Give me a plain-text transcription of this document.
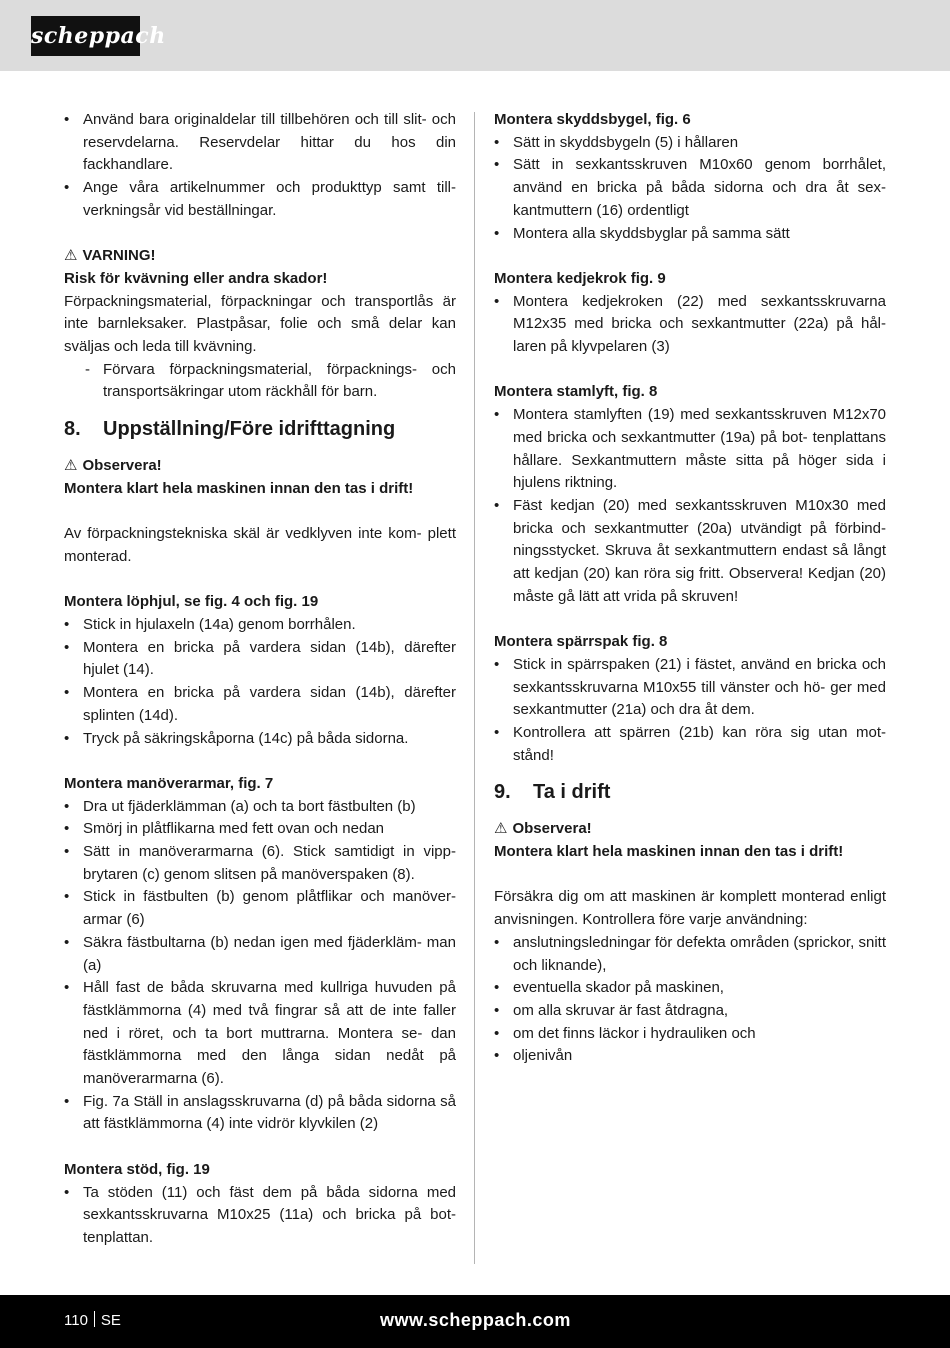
scheppach
• Använd bara originaldelar till tillbehören och till slit- och reservdelarna. Reservdelar hittar du hos din fackhandlare.
• Ange våra artikelnummer och produkttyp samt till- verkningsår vid beställningar.

⚠ VARNING!

Risk för kvävning eller andra skador!

Förpackningsmaterial, förpackningar och transportlås är inte barnleksaker. Plastpåsar, folie och små delar kan sväljas och leda till kvävning.

- Förvara förpackningsmaterial, förpacknings- och transportsäkringar utom räckhåll för barn.
8. Uppställning/Före idrifttagning

⚠ Observera!

Montera klart hela maskinen innan den tas i drift!

Av förpackningstekniska skäl är vedklyven inte kom- plett monterad.

Montera löphjul, se fig. 4 och fig. 19

• Stick in hjulaxeln (14a) genom borrhålen.
• Montera en bricka på vardera sidan (14b), därefter hjulet (14).
• Montera en bricka på vardera sidan (14b), därefter splinten (14d).
• Tryck på säkringskåporna (14c) på båda sidorna.

Montera manöverarmar, fig. 7

• Dra ut fjäderklämman (a) och ta bort fästbulten (b)
• Smörj in plåtflikarna med fett ovan och nedan
• Sätt in manöverarmarna (6). Stick samtidigt in vipp- brytaren (c) genom slitsen på manöverspaken (8).
• Stick in fästbulten (b) genom plåtflikar och manöver- armar (6)
• Säkra fästbultarna (b) nedan igen med fjäderkläm- man (a)
• Håll fast de båda skruvarna med kullriga huvuden på fästklämmorna (4) med två fingrar så att de inte faller ned i röret, och ta bort muttrarna. Montera se- dan fästklämmorna med den långa sidan nedåt på manöverarmarna (6).
• Fig. 7a Ställ in anslagsskruvarna (d) på båda sidorna så att fästklämmorna (4) inte vidrör klyvkilen (2)

Montera stöd, fig. 19

• Ta stöden (11) och fäst dem på båda sidorna med sexkantsskruvarna M10x25 (11a) och bricka på bot- tenplattan.

Montera skyddsbygel, fig. 6

• Sätt in skyddsbygeln (5) i hållaren
• Sätt in sexkantsskruven M10x60 genom borrhålet, använd en bricka på båda sidorna och dra åt sex- kantmuttern (16) ordentligt
• Montera alla skyddsbyglar på samma sätt

Montera kedjekrok fig. 9

• Montera kedjekroken (22) med sexkantsskruvarna M12x35 med bricka och sexkantmutter (22a) på hål- laren på klyvpelaren (3)

Montera stamlyft, fig. 8

• Montera stamlyften (19) med sexkantsskruven M12x70 med bricka och sexkantmutter (19a) på bot- tenplattans hållare. Sexkantmuttern måste sitta på höger sida i hjulens riktning.
• Fäst kedjan (20) med sexkantsskruven M10x30 med bricka och sexkantmutter (20a) utvändigt på förbind- ningsstycket. Skruva åt sexkantmuttern endast så långt att kedjan (20) kan röra sig fritt. Observera! Kedjan (20) måste gå lätt att vrida på skruven!

Montera spärrspak fig. 8

• Stick in spärrspaken (21) i fästet, använd en bricka och sexkantsskruvarna M10x55 till vänster och hö- ger med sexkantmutter (21a) och dra åt dem.
• Kontrollera att spärren (21b) kan röra sig utan mot- stånd!
9. Ta i drift

⚠ Observera!

Montera klart hela maskinen innan den tas i drift!

Försäkra dig om att maskinen är komplett monterad enligt anvisningen. Kontrollera före varje användning:

• anslutningsledningar för defekta områden (sprickor, snitt och liknande),
• eventuella skador på maskinen,
• om alla skruvar är fast åtdragna,
• om det finns läckor i hydrauliken och
• oljenivån
110 SE	www.scheppach.com
